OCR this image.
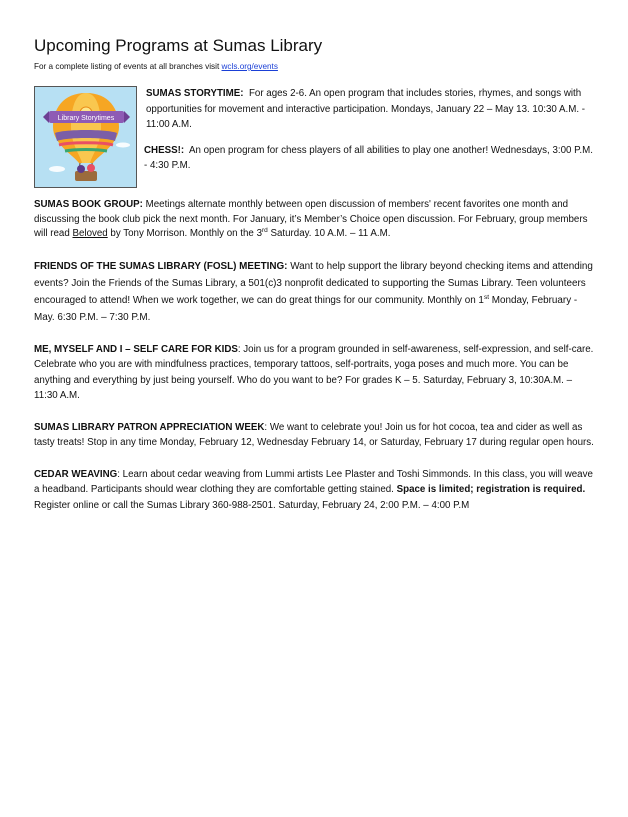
Upcoming Programs at Sumas Library
For a complete listing of events at all branches visit wcls.org/events
Library Storytimes

SUMAS STORYTIME: For ages 2-6. An open program that includes stories, rhymes, and songs with opportunities for movement and interactive participation. Mondays, January 22 – May 13. 10:30 A.M. - 11:00 A.M.

CHESS!: An open program for chess players of all abilities to play one another! Wednesdays, 3:00 P.M. - 4:30 P.M.

SUMAS BOOK GROUP: Meetings alternate monthly between open discussion of members' recent favorites one month and discussing the book club pick the next month. For January, it’s Member’s Choice open discussion. For February, group members will read Beloved by Tony Morrison. Monthly on the 3rd Saturday. 10 A.M. – 11 A.M.

FRIENDS OF THE SUMAS LIBRARY (FOSL) MEETING: Want to help support the library beyond checking items and attending events? Join the Friends of the Sumas Library, a 501(c)3 nonprofit dedicated to supporting the Sumas Library. Teen volunteers encouraged to attend! When we work together, we can do great things for our community. Monthly on 1st Monday, February - May. 6:30 P.M. – 7:30 P.M.

ME, MYSELF AND I – SELF CARE FOR KIDS: Join us for a program grounded in self-awareness, self-expression, and self-care. Celebrate who you are with mindfulness practices, temporary tattoos, self-portraits, yoga poses and much more. You can be anything and everything by just being yourself. Who do you want to be? For grades K – 5. Saturday, February 3, 10:30A.M. – 11:30 A.M.

SUMAS LIBRARY PATRON APPRECIATION WEEK: We want to celebrate you! Join us for hot cocoa, tea and cider as well as tasty treats! Stop in any time Monday, February 12, Wednesday February 14, or Saturday, February 17 during regular open hours.

CEDAR WEAVING: Learn about cedar weaving from Lummi artists Lee Plaster and Toshi Simmonds. In this class, you will weave a headband. Participants should wear clothing they are comfortable getting stained. Space is limited; registration is required. Register online or call the Sumas Library 360-988-2501. Saturday, February 24, 2:00 P.M. – 4:00 P.M
